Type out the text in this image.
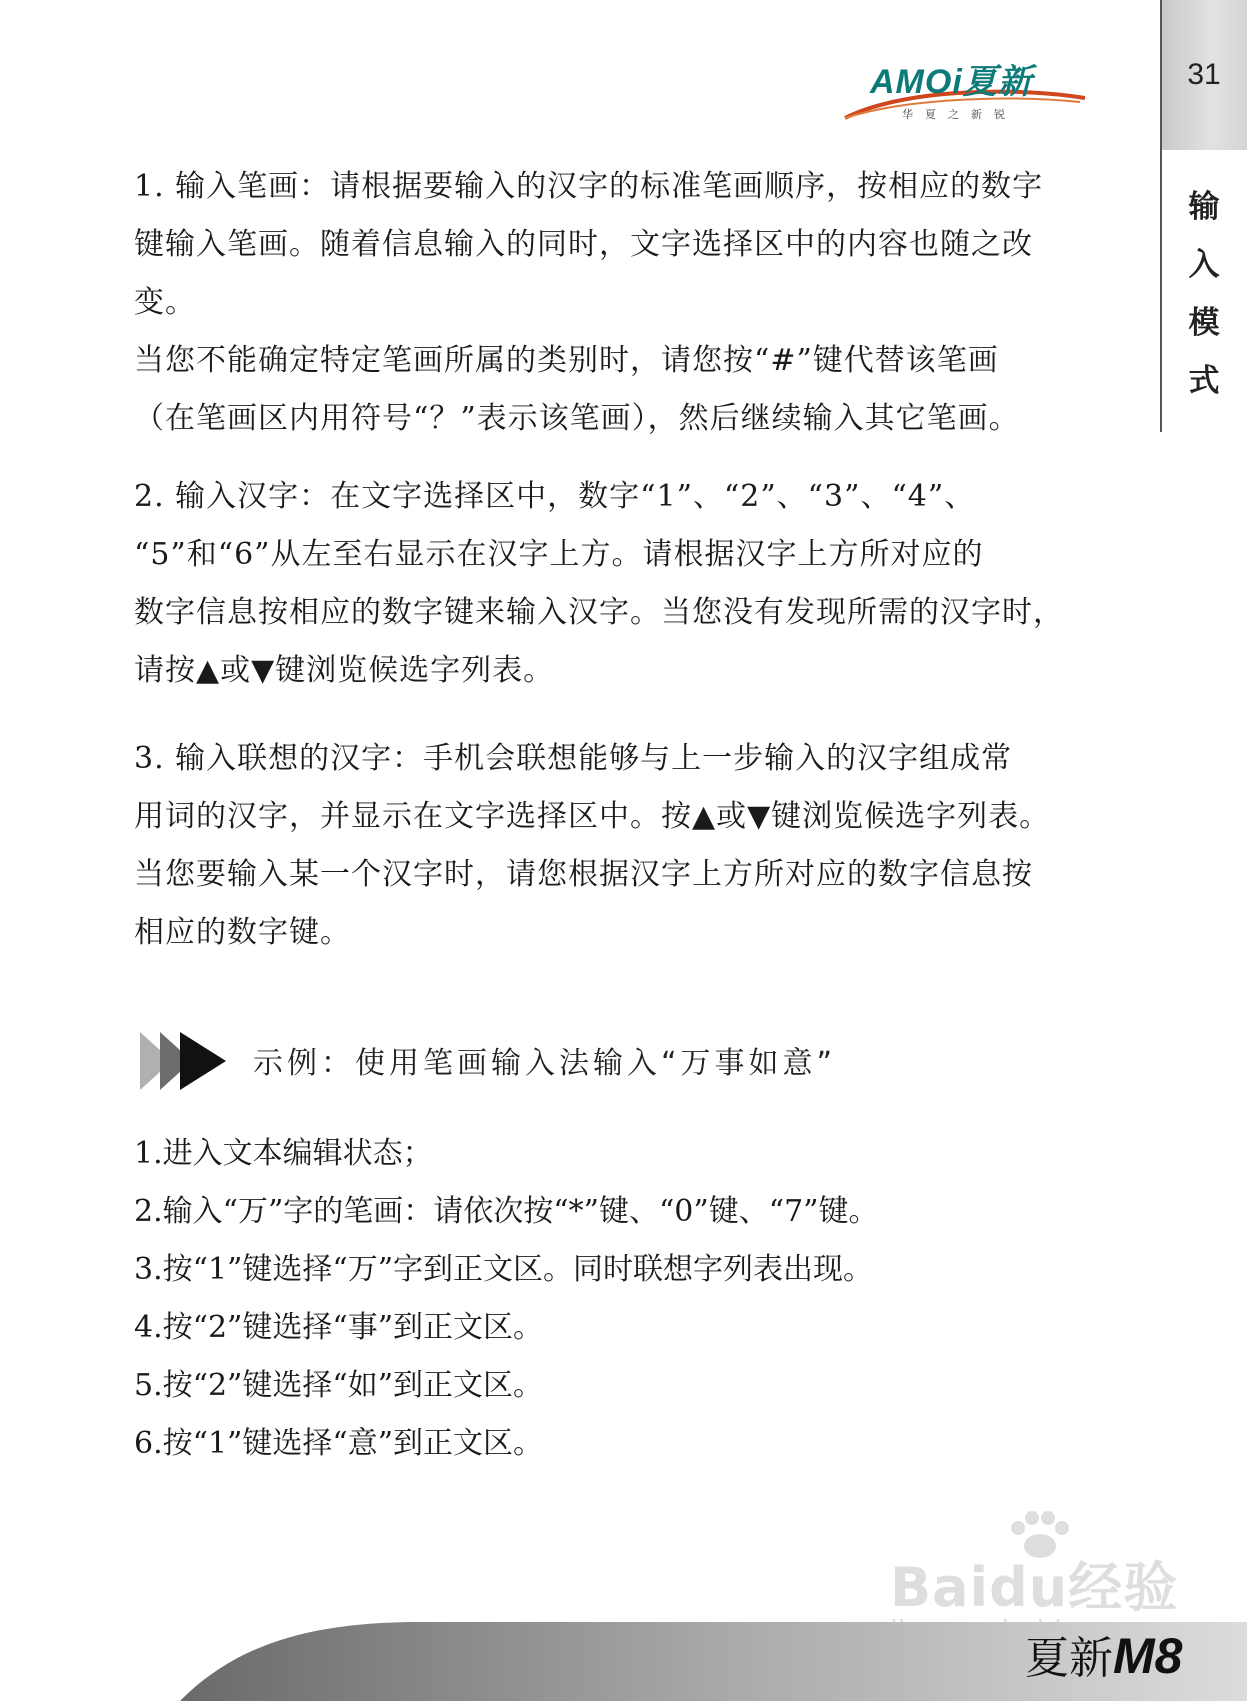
31
输
入
模
式
AMOi夏新
华夏之新锐

1. 输入笔画：请根据要输入的汉字的标准笔画顺序，按相应的数字

键输入笔画。随着信息输入的同时，文字选择区中的内容也随之改

变。

当您不能确定特定笔画所属的类别时，请您按“#”键代替该笔画

（在笔画区内用符号“？”表示该笔画），然后继续输入其它笔画。

2. 输入汉字：在文字选择区中，数字“1”、“2”、“3”、“4”、

“5”和“6”从左至右显示在汉字上方。请根据汉字上方所对应的

数字信息按相应的数字键来输入汉字。当您没有发现所需的汉字时，

请按▲或▼键浏览候选字列表。

3. 输入联想的汉字：手机会联想能够与上一步输入的汉字组成常

用词的汉字，并显示在文字选择区中。按▲或▼键浏览候选字列表。

当您要输入某一个汉字时，请您根据汉字上方所对应的数字信息按

相应的数字键。

示例：使用笔画输入法输入“万事如意”
1.进入文本编辑状态；
2.输入“万”字的笔画：请依次按“*”键、“0”键、“7”键。
3.按“1”键选择“万”字到正文区。同时联想字列表出现。
4.按“2”键选择“事”到正文区。
5.按“2”键选择“如”到正文区。
6.按“1”键选择“意”到正文区。
Baidu经验
夏新M8
